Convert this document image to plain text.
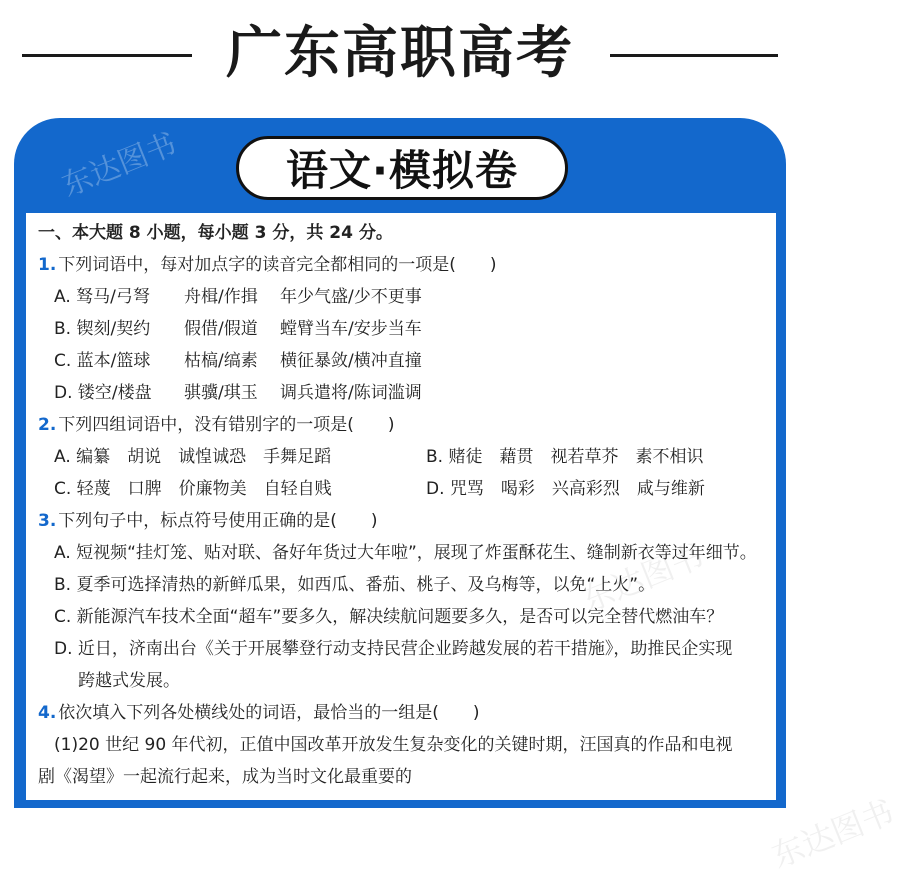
广东高职高考
东达图书 语文·模拟卷
东达图书
一、本大题 8 小题，每小题 3 分，共 24 分。
1. 下列词语中，每对加点字的读音完全都相同的一项是(　　)
A. 驽马/弓弩	舟楫/作揖	年少气盛/少不更事
B. 锲刻/契约	假借/假道	螳臂当车/安步当车
C. 蓝本/篮球	枯槁/缟素	横征暴敛/横冲直撞
D. 镂空/楼盘	骐骥/琪玉	调兵遣将/陈词滥调
2. 下列四组词语中，没有错别字的一项是(　　)
A. 编纂　胡说　诚惶诚恐　手舞足蹈	B. 赌徒　藉贯　视若草芥　素不相识
C. 轻蔑　口脾　价廉物美　自轻自贱	D. 咒骂　喝彩　兴高彩烈　咸与维新
3. 下列句子中，标点符号使用正确的是(　　)
A. 短视频“挂灯笼、贴对联、备好年货过大年啦”，展现了炸蛋酥花生、缝制新衣等过年细节。
B. 夏季可选择清热的新鲜瓜果，如西瓜、番茄、桃子、及乌梅等，以免“上火”。
C. 新能源汽车技术全面“超车”要多久，解决续航问题要多久，是否可以完全替代燃油车？
D. 近日，济南出台《关于开展攀登行动支持民营企业跨越发展的若干措施》，助推民企实现
跨越式发展。
4. 依次填入下列各处横线处的词语，最恰当的一组是(　　)
(1)20 世纪 90 年代初，正值中国改革开放发生复杂变化的关键时期，汪国真的作品和电视
剧《渴望》一起流行起来，成为当时文化最重要的
东达图书
